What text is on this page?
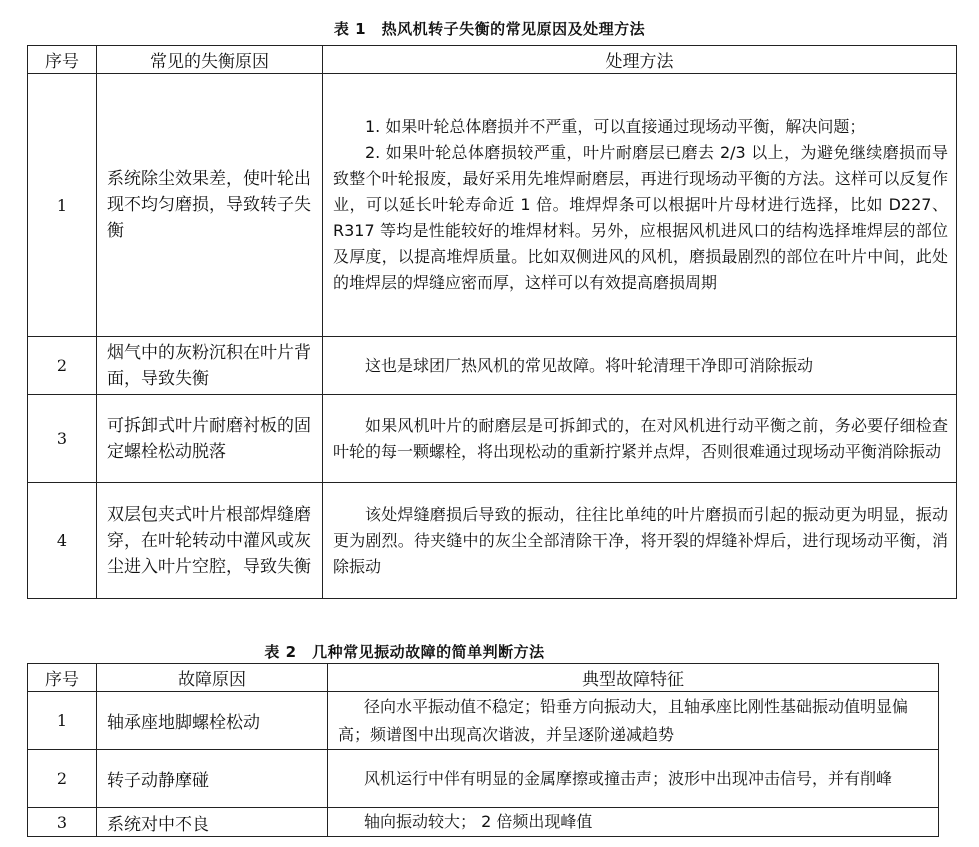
表 1　热风机转子失衡的常见原因及处理方法
序号	常见的失衡原因	处理方法
1	系统除尘效果差，使叶轮出现不均匀磨损，导致转子失衡	1. 如果叶轮总体磨损并不严重，可以直接通过现场动平衡，解决问题；

2. 如果叶轮总体磨损较严重，叶片耐磨层已磨去 2/3 以上，为避免继续磨损而导致整个叶轮报废，最好采用先堆焊耐磨层，再进行现场动平衡的方法。这样可以反复作业，可以延长叶轮寿命近 1 倍。堆焊焊条可以根据叶片母材进行选择，比如 D227、R317 等均是性能较好的堆焊材料。另外，应根据风机进风口的结构选择堆焊层的部位及厚度，以提高堆焊质量。比如双侧进风的风机，磨损最剧烈的部位在叶片中间，此处的堆焊层的焊缝应密而厚，这样可以有效提高磨损周期

2	烟气中的灰粉沉积在叶片背面，导致失衡	这也是球团厂热风机的常见故障。将叶轮清理干净即可消除振动

3	可拆卸式叶片耐磨衬板的固定螺栓松动脱落	如果风机叶片的耐磨层是可拆卸式的，在对风机进行动平衡之前，务必要仔细检查叶轮的每一颗螺栓，将出现松动的重新拧紧并点焊，否则很难通过现场动平衡消除振动

4	双层包夹式叶片根部焊缝磨穿，在叶轮转动中灌风或灰尘进入叶片空腔，导致失衡	该处焊缝磨损后导致的振动，往往比单纯的叶片磨损而引起的振动更为明显，振动更为剧烈。待夹缝中的灰尘全部清除干净，将开裂的焊缝补焊后，进行现场动平衡，消除振动

表 2　几种常见振动故障的简单判断方法
序号	故障原因	典型故障特征
1	轴承座地脚螺栓松动	径向水平振动值不稳定；铅垂方向振动大，且轴承座比刚性基础振动值明显偏高；频谱图中出现高次谐波，并呈逐阶递减趋势

2	转子动静摩碰	风机运行中伴有明显的金属摩擦或撞击声；波形中出现冲击信号，并有削峰

3	系统对中不良	轴向振动较大； 2 倍频出现峰值
